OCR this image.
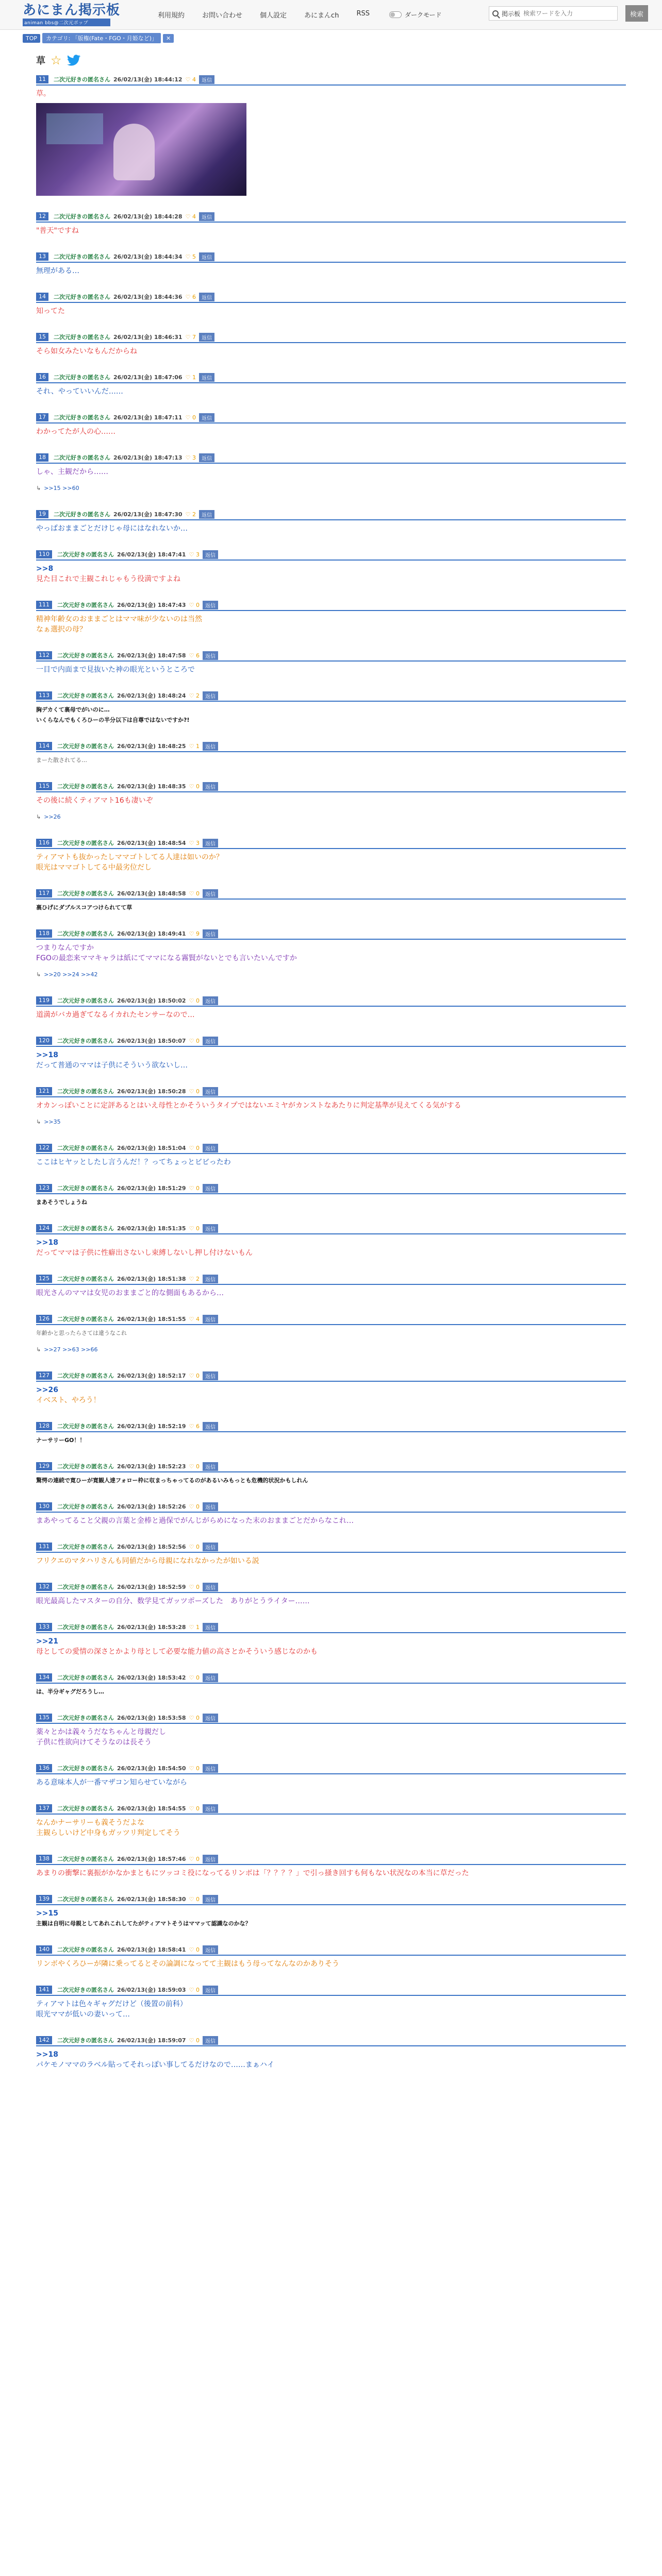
あにまん掲示板
animan bbs@二次元ポップ
利用規約	お問い合わせ	個人設定	あにまんch	RSS	ダークモード	掲示板
検索ワードを入力	検索
TOP	カテゴリ: 「版権(Fate・FGO・月姫など)」	✕
草 ☆
11	二次元好きの匿名さん 26/02/13(金) 18:44:12 ♡ 4	返信
草。
12	二次元好きの匿名さん 26/02/13(金) 18:44:28 ♡ 4	返信
"普天"ですね
13	二次元好きの匿名さん 26/02/13(金) 18:44:34 ♡ 5	返信
無理がある…
14	二次元好きの匿名さん 26/02/13(金) 18:44:36 ♡ 6	返信
知ってた
15	二次元好きの匿名さん 26/02/13(金) 18:46:31 ♡ 7	返信
そら如女みたいなもんだからね
16	二次元好きの匿名さん 26/02/13(金) 18:47:06 ♡ 1	返信
それ、やっていいんだ……
17	二次元好きの匿名さん 26/02/13(金) 18:47:11 ♡ 0	返信
わかってたが人の心……
18	二次元好きの匿名さん 26/02/13(金) 18:47:13 ♡ 3	返信
しゃ、主観だから……
↳ >>15 >>60
19	二次元好きの匿名さん 26/02/13(金) 18:47:30 ♡ 2	返信
やっぱおままごとだけじゃ母にはなれないか…
110	二次元好きの匿名さん 26/02/13(金) 18:47:41 ♡ 3	返信
>>8
見た目これで主観これじゃもう役満ですよね
111	二次元好きの匿名さん 26/02/13(金) 18:47:43 ♡ 0	返信
精神年齢女のおままごとはママ味が少ないのは当然
なぁ選択の母？
112	二次元好きの匿名さん 26/02/13(金) 18:47:58 ♡ 6	返信
一目で内面まで見抜いた神の眼光というところで
113	二次元好きの匿名さん 26/02/13(金) 18:48:24 ♡ 2	返信
胸デカくて裏母でがいのに…
いくらなんでもくろひーの半分以下は自尊ではないですか?!
114	二次元好きの匿名さん 26/02/13(金) 18:48:25 ♡ 1	返信
まーた散されてる…
115	二次元好きの匿名さん 26/02/13(金) 18:48:35 ♡ 0	返信
その後に続くティアマト16も凄いぞ
↳ >>26
116	二次元好きの匿名さん 26/02/13(金) 18:48:54 ♡ 3	返信
ティアマトも抜かったしママゴトしてる人達は如いのか？
眼光はママゴトしてる中最劣位だし
117	二次元好きの匿名さん 26/02/13(金) 18:48:58 ♡ 0	返信
裏ひげにダブルスコアつけられてて草
118	二次元好きの匿名さん 26/02/13(金) 18:49:41 ♡ 9	返信
つまりなんですか
FGOの最恋来ママキャラは紙にてママになる霧賢がないとでも言いたいんですか
↳ >>20 >>24 >>42
119	二次元好きの匿名さん 26/02/13(金) 18:50:02 ♡ 0	返信
道満がバカ過ぎてなるイカれたセンサーなので…
120	二次元好きの匿名さん 26/02/13(金) 18:50:07 ♡ 0	返信
>>18
だって普通のママは子供にそういう欲ないし…
121	二次元好きの匿名さん 26/02/13(金) 18:50:28 ♡ 0	返信
オカンっぽいことに定評あるとはいえ母性とかそういうタイプではないエミヤがカンストなあたりに判定基準が見えてくる気がする
↳ >>35
122	二次元好きの匿名さん 26/02/13(金) 18:51:04 ♡ 0	返信
ここはヒヤッとしたし言うんだ！？ってちょっとビビったわ
123	二次元好きの匿名さん 26/02/13(金) 18:51:29 ♡ 0	返信
まあそうでしょうね
124	二次元好きの匿名さん 26/02/13(金) 18:51:35 ♡ 0	返信
>>18
だってママは子供に性癖出さないし束縛しないし押し付けないもん
125	二次元好きの匿名さん 26/02/13(金) 18:51:38 ♡ 2	返信
眼光さんのママは女児のおままごと的な側面もあるから…
126	二次元好きの匿名さん 26/02/13(金) 18:51:55 ♡ 4	返信
年齢かと思ったらさては違うなこれ
↳ >>27 >>63 >>66
127	二次元好きの匿名さん 26/02/13(金) 18:52:17 ♡ 0	返信
>>26
イベスト、やろう！
128	二次元好きの匿名さん 26/02/13(金) 18:52:19 ♡ 6	返信
ナーサリーGO！！
129	二次元好きの匿名さん 26/02/13(金) 18:52:23 ♡ 0	返信
驚愕の連続で寛ひーが寛観人達フォロー枠に収まっちゃってるのがあるいみもっとも危機的状況かもしれん
130	二次元好きの匿名さん 26/02/13(金) 18:52:26 ♡ 0	返信
まあやってること父親の言葉と金棒と過保でがんじがらめになった末のおままごとだからなこれ…
131	二次元好きの匿名さん 26/02/13(金) 18:52:56 ♡ 0	返信
フリクエのマタハリさんも同値だから母親になれなかったが如いる説
132	二次元好きの匿名さん 26/02/13(金) 18:52:59 ♡ 0	返信
眼光最高したマスターの自分、数学見てガッツポーズした　ありがとうライター……
133	二次元好きの匿名さん 26/02/13(金) 18:53:28 ♡ 1	返信
>>21
母としての愛情の深さとかより母として必要な能力値の高さとかそういう感じなのかも
134	二次元好きの匿名さん 26/02/13(金) 18:53:42 ♡ 0	返信
は、半分ギャグだろうし…
135	二次元好きの匿名さん 26/02/13(金) 18:53:58 ♡ 0	返信
薬々とかは義々うだなちゃんと母親だし
子供に性欲向けてそうなのは長そう
136	二次元好きの匿名さん 26/02/13(金) 18:54:50 ♡ 0	返信
ある意味本人が一番マザコン知らせていながら
137	二次元好きの匿名さん 26/02/13(金) 18:54:55 ♡ 0	返信
なんかナーサリーも義そうだよな
主観らしいけど中身もガッツリ判定してそう
138	二次元好きの匿名さん 26/02/13(金) 18:57:46 ♡ 0	返信
あまりの衝撃に裏振がかなかまともにツッコミ役になってるリンボは「？？？？」で引っ掻き回すも何もない状況なの本当に草だった
139	二次元好きの匿名さん 26/02/13(金) 18:58:30 ♡ 0	返信
>>15
主観は自明に母親としてあれこれしてたがティアマトそうはママッて認識なのかな？
140	二次元好きの匿名さん 26/02/13(金) 18:58:41 ♡ 0	返信
リンボやくろひーが隣に乗ってるとその論調になってて主観はもう母ってなんなのかありそう
141	二次元好きの匿名さん 26/02/13(金) 18:59:03 ♡ 0	返信
ティアマトは色々ギャグだけど（後置の前科）
眼光ママが低いの妻いって…
142	二次元好きの匿名さん 26/02/13(金) 18:59:07 ♡ 0	返信
>>18
パケモノママのラベル貼ってそれっぽい事してるだけなので……まぁハイ
